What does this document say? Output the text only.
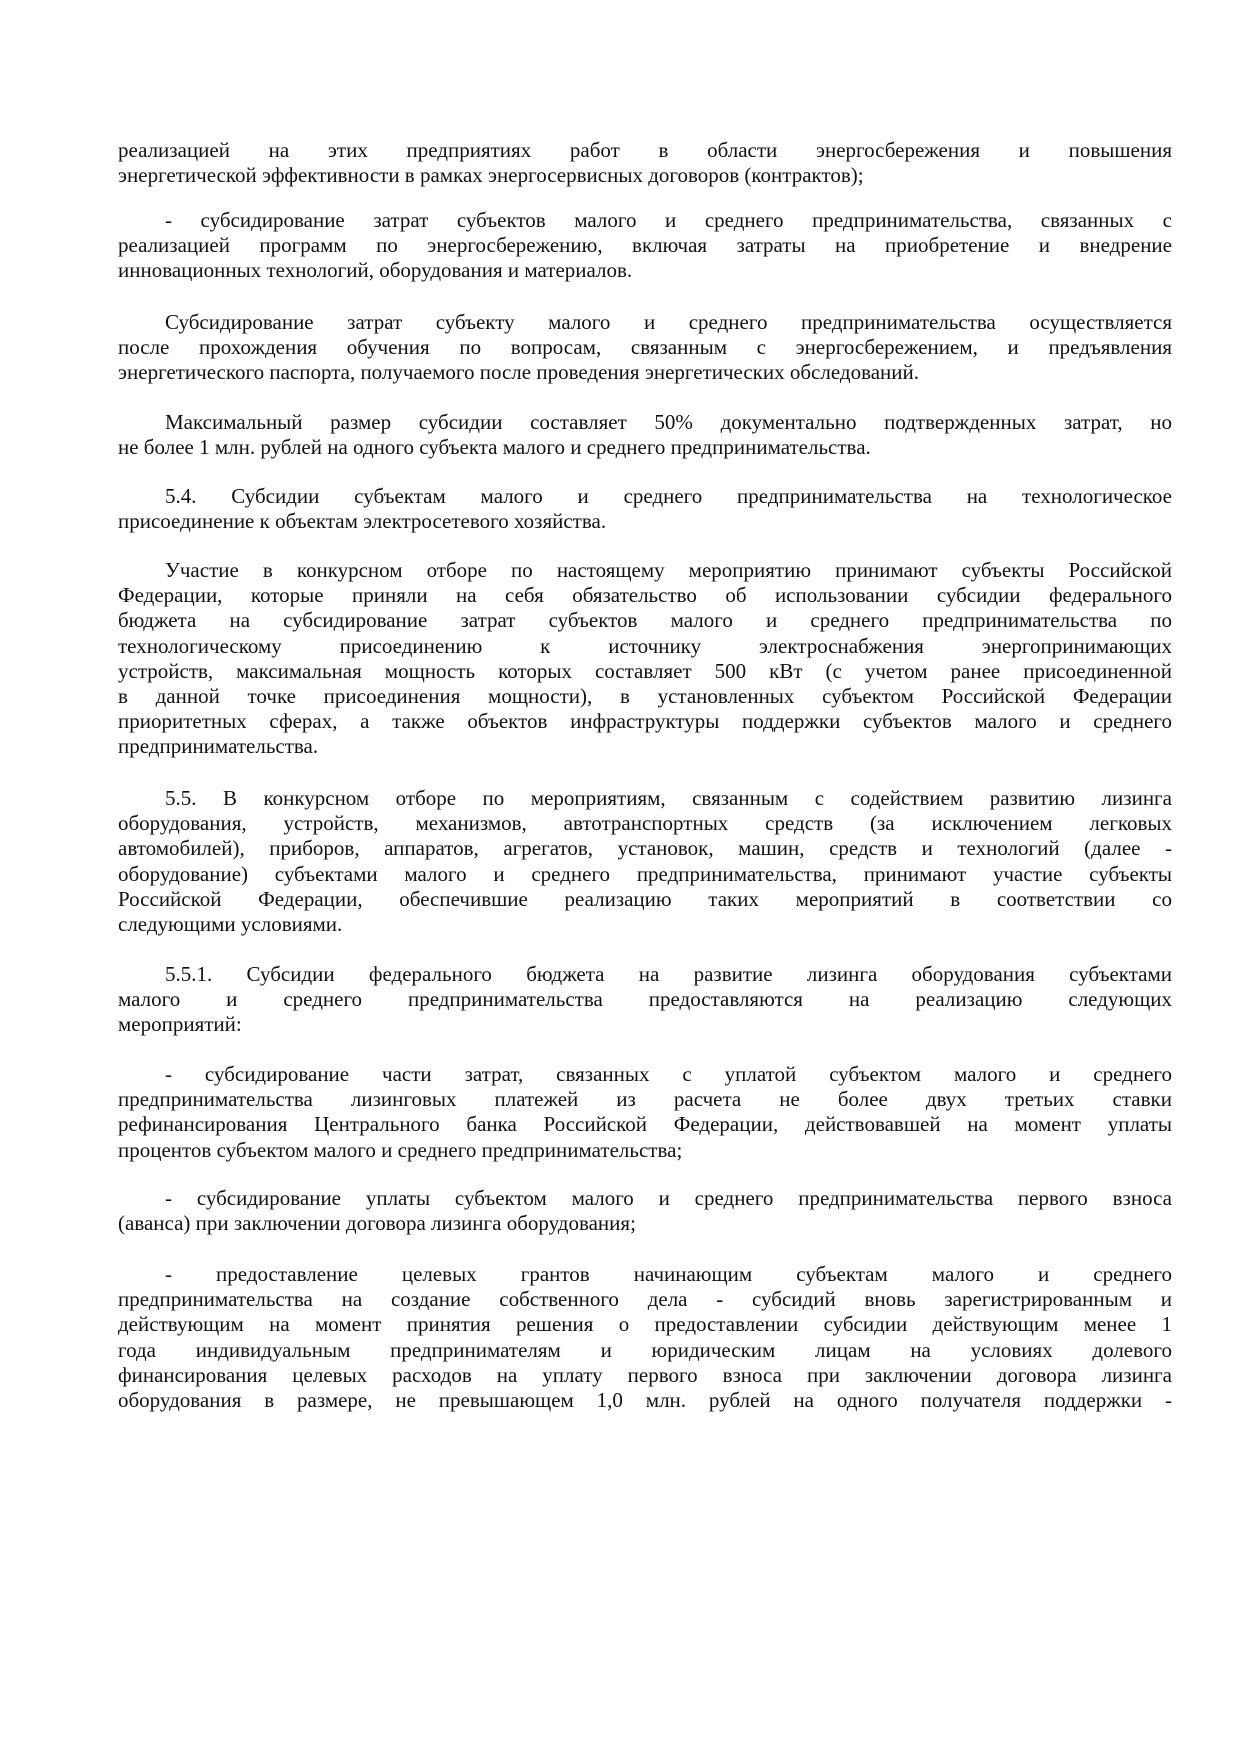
реализацией на этих предприятиях работ в области энергосбережения и повышения
энергетической эффективности в рамках энергосервисных договоров (контрактов);
- субсидирование затрат субъектов малого и среднего предпринимательства, связанных с
реализацией программ по энергосбережению, включая затраты на приобретение и внедрение
инновационных технологий, оборудования и материалов.
Субсидирование затрат субъекту малого и среднего предпринимательства осуществляется
после прохождения обучения по вопросам, связанным с энергосбережением, и предъявления
энергетического паспорта, получаемого после проведения энергетических обследований.
Максимальный размер субсидии составляет 50% документально подтвержденных затрат, но
не более 1 млн. рублей на одного субъекта малого и среднего предпринимательства.
5.4. Субсидии субъектам малого и среднего предпринимательства на технологическое
присоединение к объектам электросетевого хозяйства.
Участие в конкурсном отборе по настоящему мероприятию принимают субъекты Российской
Федерации, которые приняли на себя обязательство об использовании субсидии федерального
бюджета на субсидирование затрат субъектов малого и среднего предпринимательства по
технологическому присоединению к источнику электроснабжения энергопринимающих
устройств, максимальная мощность которых составляет 500 кВт (с учетом ранее присоединенной
в данной точке присоединения мощности), в установленных субъектом Российской Федерации
приоритетных сферах, а также объектов инфраструктуры поддержки субъектов малого и среднего
предпринимательства.
5.5. В конкурсном отборе по мероприятиям, связанным с содействием развитию лизинга
оборудования, устройств, механизмов, автотранспортных средств (за исключением легковых
автомобилей), приборов, аппаратов, агрегатов, установок, машин, средств и технологий (далее -
оборудование) субъектами малого и среднего предпринимательства, принимают участие субъекты
Российской Федерации, обеспечившие реализацию таких мероприятий в соответствии со
следующими условиями.
5.5.1. Субсидии федерального бюджета на развитие лизинга оборудования субъектами
малого и среднего предпринимательства предоставляются на реализацию следующих
мероприятий:
- субсидирование части затрат, связанных с уплатой субъектом малого и среднего
предпринимательства лизинговых платежей из расчета не более двух третьих ставки
рефинансирования Центрального банка Российской Федерации, действовавшей на момент уплаты
процентов субъектом малого и среднего предпринимательства;
- субсидирование уплаты субъектом малого и среднего предпринимательства первого взноса
(аванса) при заключении договора лизинга оборудования;
- предоставление целевых грантов начинающим субъектам малого и среднего
предпринимательства на создание собственного дела - субсидий вновь зарегистрированным и
действующим на момент принятия решения о предоставлении субсидии действующим менее 1
года индивидуальным предпринимателям и юридическим лицам на условиях долевого
финансирования целевых расходов на уплату первого взноса при заключении договора лизинга
оборудования в размере, не превышающем 1,0 млн. рублей на одного получателя поддержки -
